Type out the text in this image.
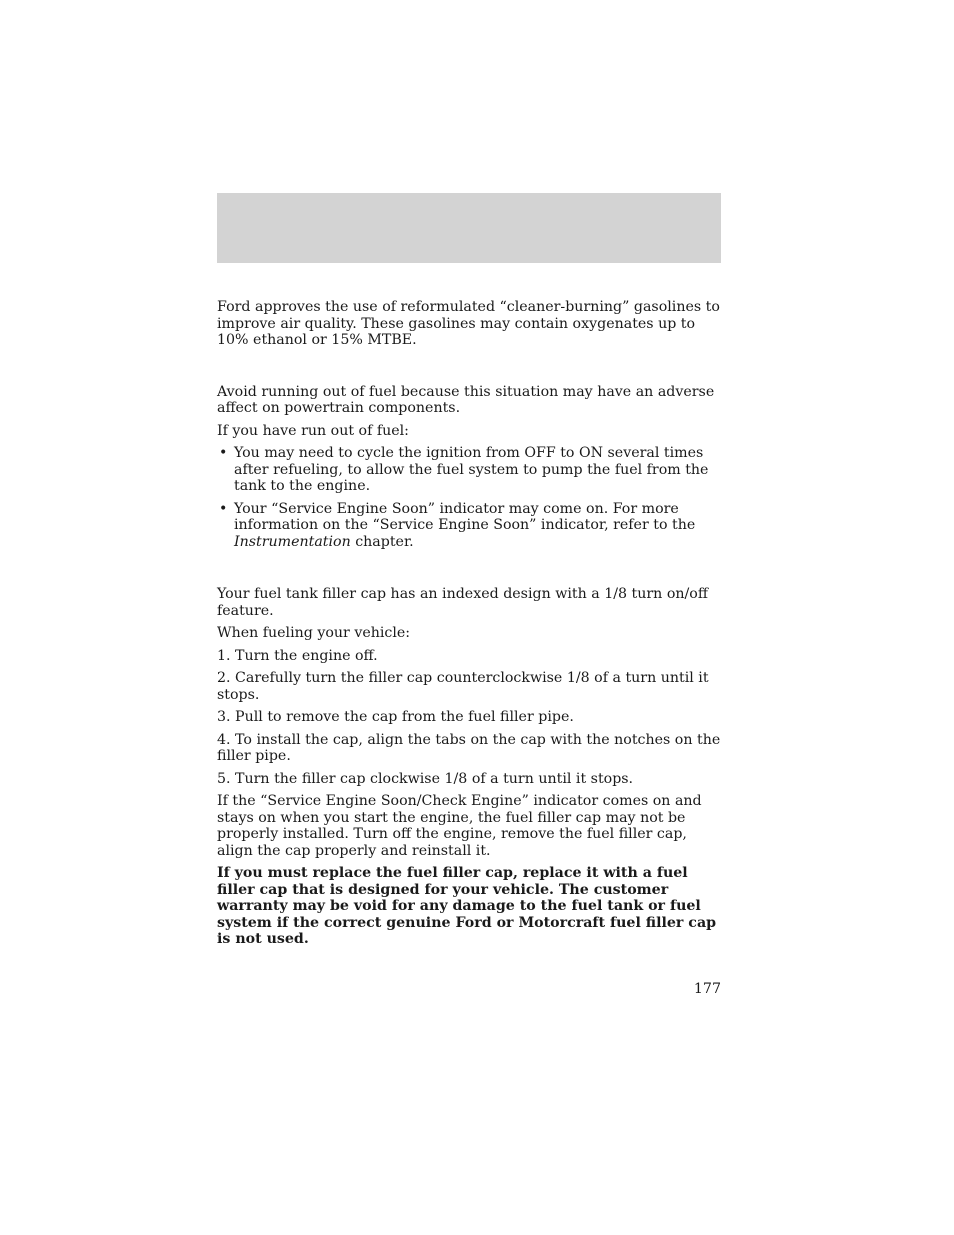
Ford approves the use of reformulated “cleaner-burning” gasolines to improve air quality. These gasolines may contain oxygenates up to 10% ethanol or 15% MTBE.

Avoid running out of fuel because this situation may have an adverse affect on powertrain components.

If you have run out of fuel:

• You may need to cycle the ignition from OFF to ON several times after refueling, to allow the fuel system to pump the fuel from the tank to the engine.
• Your “Service Engine Soon” indicator may come on. For more information on the “Service Engine Soon” indicator, refer to the Instrumentation chapter.

Your fuel tank filler cap has an indexed design with a 1/8 turn on/off feature.

When fueling your vehicle:

1. Turn the engine off.

2. Carefully turn the filler cap counterclockwise 1/8 of a turn until it stops.

3. Pull to remove the cap from the fuel filler pipe.

4. To install the cap, align the tabs on the cap with the notches on the filler pipe.

5. Turn the filler cap clockwise 1/8 of a turn until it stops.

If the “Service Engine Soon/Check Engine” indicator comes on and stays on when you start the engine, the fuel filler cap may not be properly installed. Turn off the engine, remove the fuel filler cap, align the cap properly and reinstall it.

If you must replace the fuel filler cap, replace it with a fuel filler cap that is designed for your vehicle. The customer warranty may be void for any damage to the fuel tank or fuel system if the correct genuine Ford or Motorcraft fuel filler cap is not used.

177
